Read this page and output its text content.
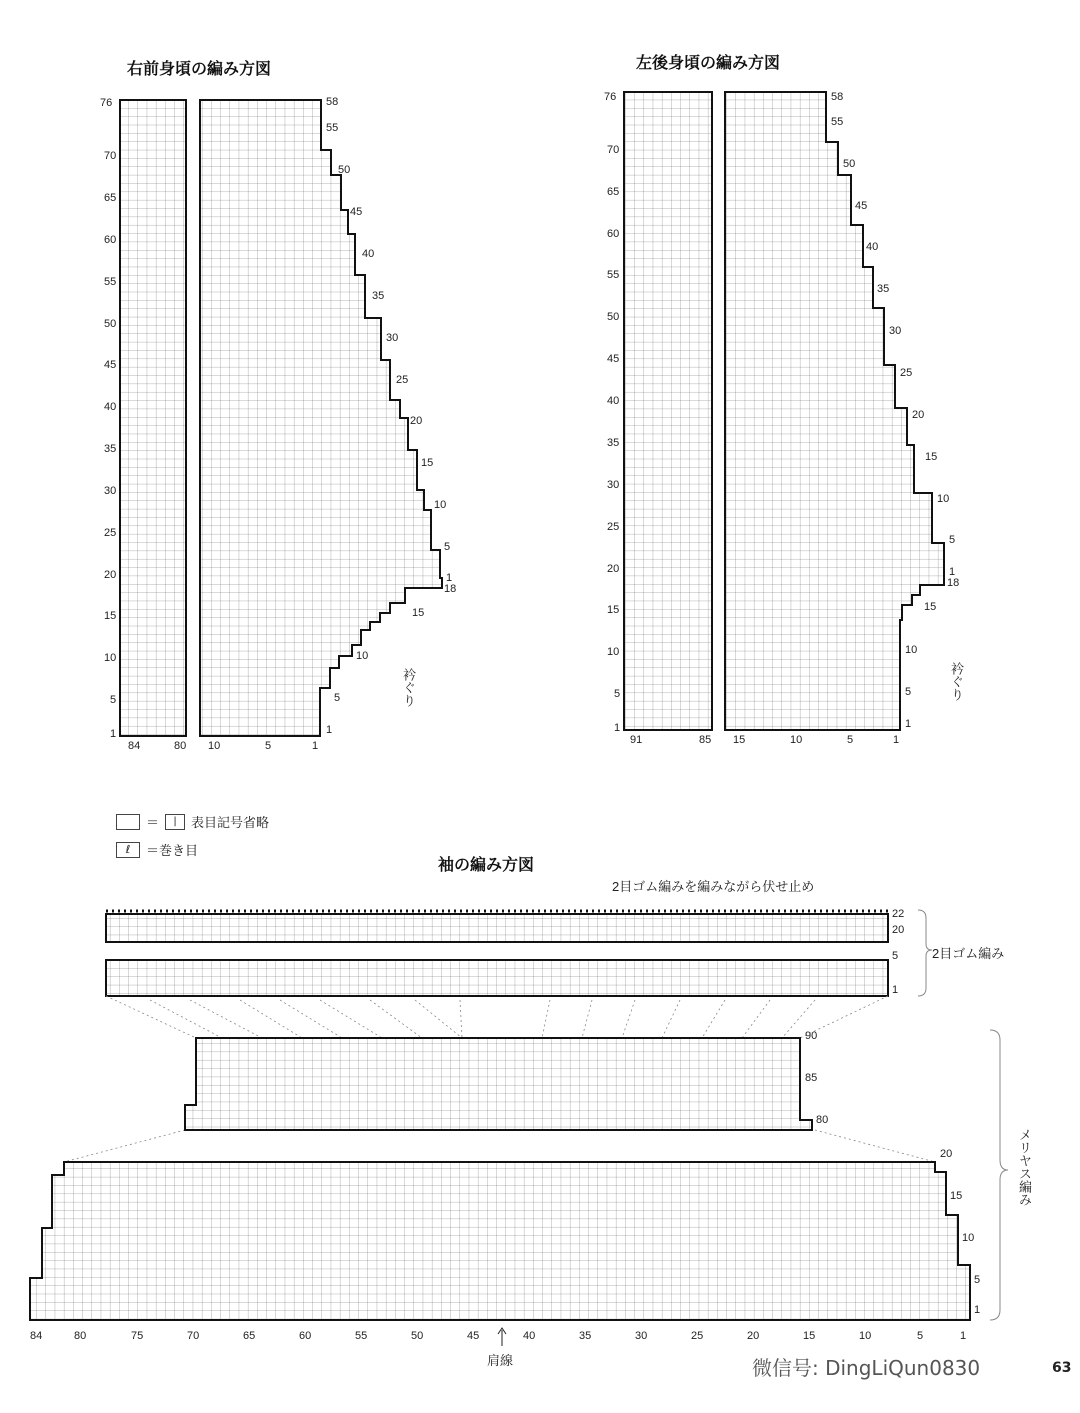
右前身頃の編み方図	左後身頃の編み方図
袖の編み方図
76
70
65
60
55
50
45
40
35
30
25
20
15
10
5
1
58
55
50
45
40
35
30
25
20
15
10
5
1
18
15
10
5
1
衿ぐり
84	80 10	5	1
76
70
65
60
55
50
45
40
35
30
25
20
15
10
5
1
58
55
50
45
40
35
30
25
20
15
10
5
1
18
15
10
5
1
衿ぐり
91	85 15	10	5	1
＝	|	表目記号省略
ℓ	＝巻き目
2目ゴム編みを編みながら伏せ止め
22
20
5
1
2目ゴム編み
90
85
80
20
15
10
5
1
メリヤス編み
84	80	75	70	65	60	55	50	45	40	35	30	25	20	15	10	5	1
肩線	微信号: DingLiQun0830	63
